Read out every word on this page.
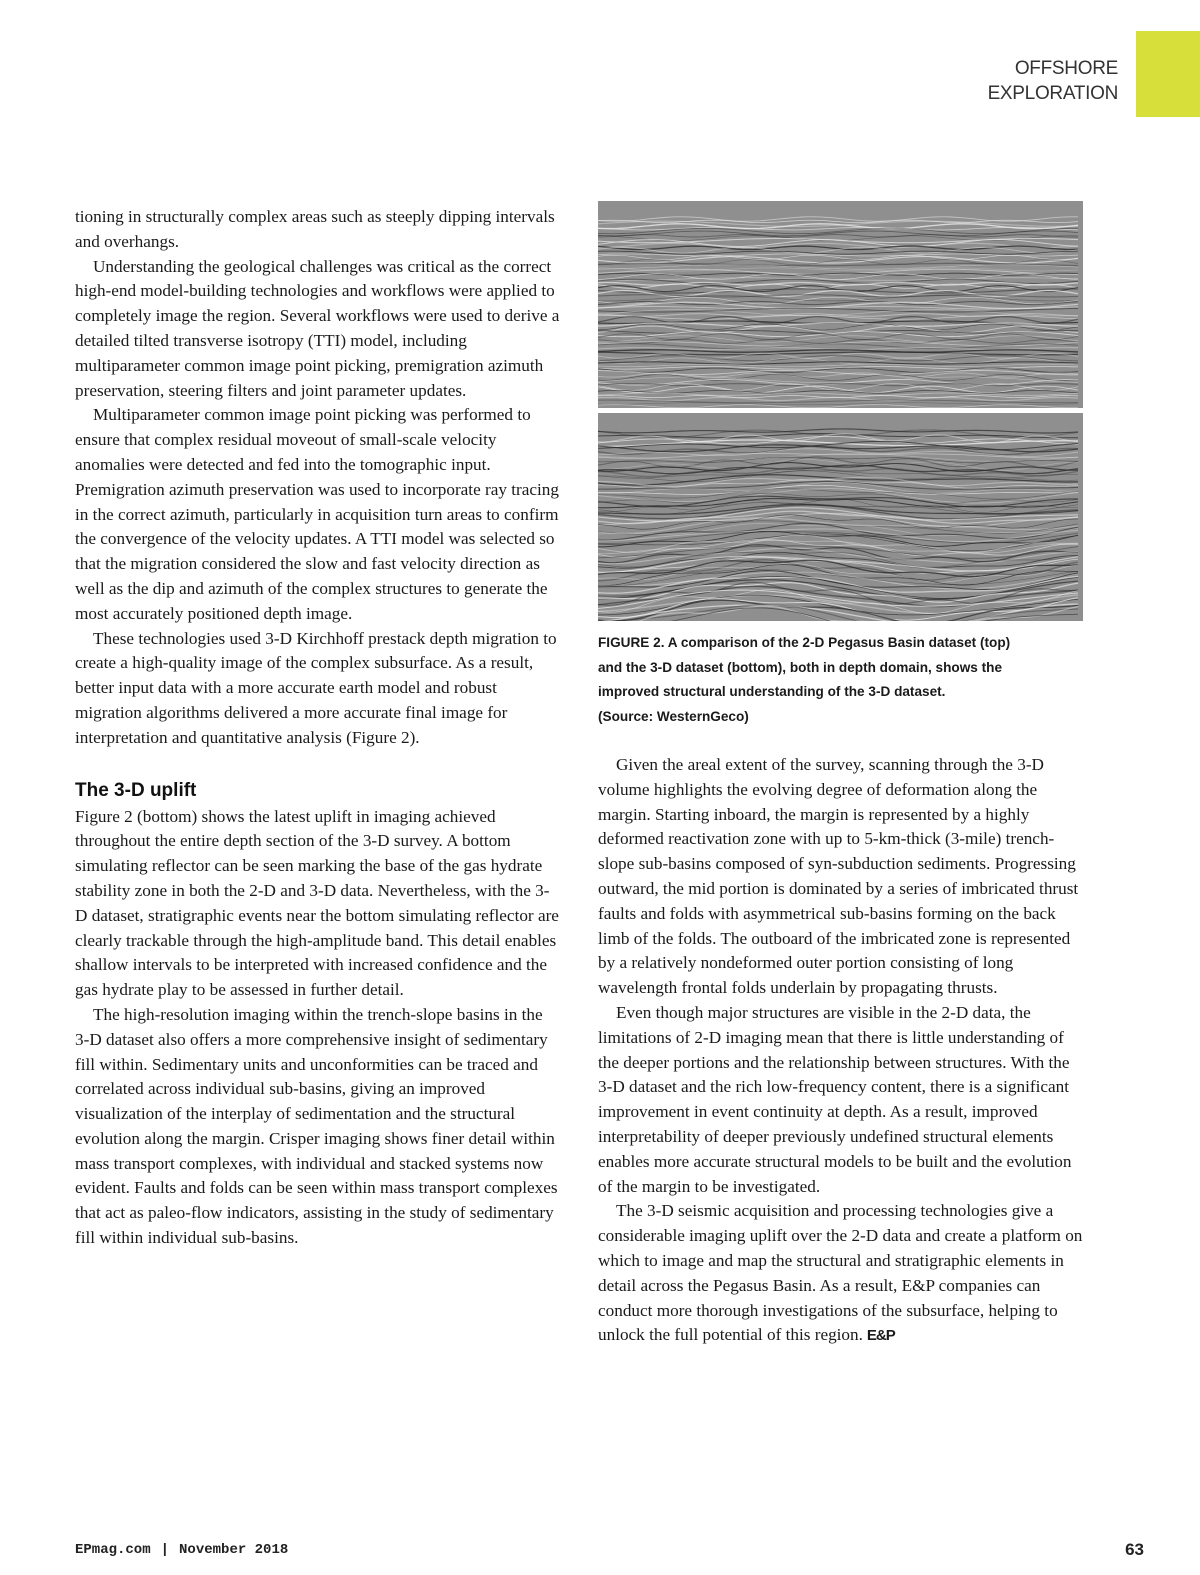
OFFSHORE
EXPLORATION

tioning in structurally complex areas such as steeply dipping intervals and overhangs.

Understanding the geological challenges was critical as the correct high-end model-building technologies and workflows were applied to completely image the region. Several workflows were used to derive a detailed tilted transverse isotropy (TTI) model, including multiparameter common image point picking, premigration azimuth preservation, steering filters and joint parameter updates.

Multiparameter common image point picking was performed to ensure that complex residual moveout of small-scale velocity anomalies were detected and fed into the tomographic input. Premigration azimuth preservation was used to incorporate ray tracing in the correct azimuth, particularly in acquisition turn areas to confirm the convergence of the velocity updates. A TTI model was selected so that the migration considered the slow and fast velocity direction as well as the dip and azimuth of the complex structures to generate the most accurately positioned depth image.

These technologies used 3-D Kirchhoff prestack depth migration to create a high-quality image of the complex subsurface. As a result, better input data with a more accurate earth model and robust migration algorithms delivered a more accurate final image for interpretation and quantitative analysis (Figure 2).

The 3-D uplift

Figure 2 (bottom) shows the latest uplift in imaging achieved throughout the entire depth section of the 3-D survey. A bottom simulating reflector can be seen marking the base of the gas hydrate stability zone in both the 2-D and 3-D data. Nevertheless, with the 3-D dataset, stratigraphic events near the bottom simulating reflector are clearly trackable through the high-amplitude band. This detail enables shallow intervals to be interpreted with increased confidence and the gas hydrate play to be assessed in further detail.

The high-resolution imaging within the trench-slope basins in the 3-D dataset also offers a more comprehensive insight of sedimentary fill within. Sedimentary units and unconformities can be traced and correlated across individual sub-basins, giving an improved visualization of the interplay of sedimentation and the structural evolution along the margin. Crisper imaging shows finer detail within mass transport complexes, with individual and stacked systems now evident. Faults and folds can be seen within mass transport complexes that act as paleo-flow indicators, assisting in the study of sedimentary fill within individual sub-basins.

FIGURE 2. A comparison of the 2-D Pegasus Basin dataset (top)
and the 3-D dataset (bottom), both in depth domain, shows the
improved structural understanding of the 3-D dataset.
(Source: WesternGeco)

Given the areal extent of the survey, scanning through the 3-D volume highlights the evolving degree of deformation along the margin. Starting inboard, the margin is represented by a highly deformed reactivation zone with up to 5-km-thick (3-mile) trench-slope sub-basins composed of syn-subduction sediments. Progressing outward, the mid portion is dominated by a series of imbricated thrust faults and folds with asymmetrical sub-basins forming on the back limb of the folds. The outboard of the imbricated zone is represented by a relatively nondeformed outer portion consisting of long wavelength frontal folds underlain by propagating thrusts.

Even though major structures are visible in the 2-D data, the limitations of 2-D imaging mean that there is little understanding of the deeper portions and the relationship between structures. With the 3-D dataset and the rich low-frequency content, there is a significant improvement in event continuity at depth. As a result, improved interpretability of deeper previously undefined structural elements enables more accurate structural models to be built and the evolution of the margin to be investigated.

The 3-D seismic acquisition and processing technologies give a considerable imaging uplift over the 2-D data and create a platform on which to image and map the structural and stratigraphic elements in detail across the Pegasus Basin. As a result, E&P companies can conduct more thorough investigations of the subsurface, helping to unlock the full potential of this region. E&P

EPmag.com | November 2018	63
